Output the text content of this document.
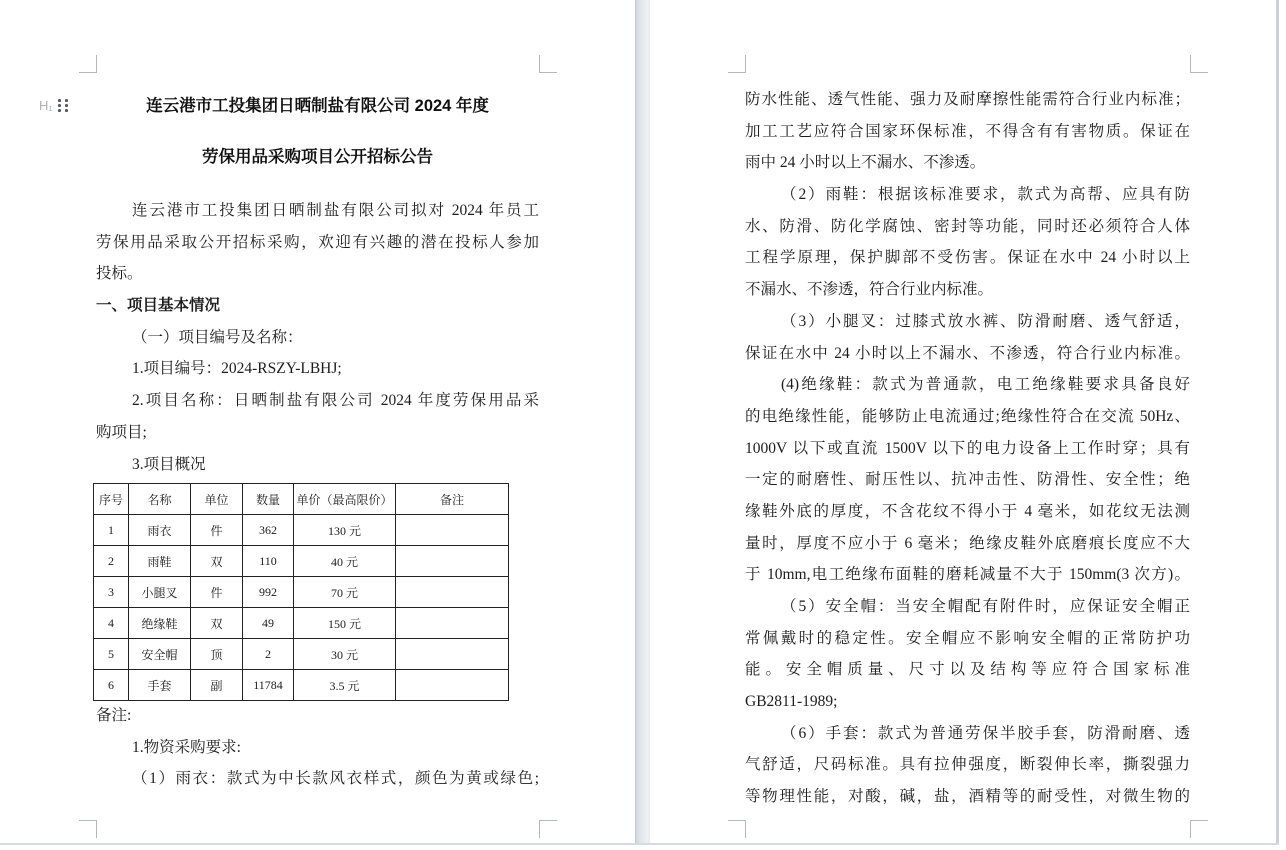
H₁	连云港市工投集团日晒制盐有限公司 2024 年度
劳保用品采购项目公开招标公告
连云港市工投集团日晒制盐有限公司拟对 2024 年员工
劳保用品采取公开招标采购，欢迎有兴趣的潜在投标人参加
投标。
一、项目基本情况
（一）项目编号及名称：
1.项目编号：2024-RSZY-LBHJ;
2.项目名称：日晒制盐有限公司 2024 年度劳保用品采
购项目;
3.项目概况
序号	名称	单位	数量	单价（最高限价）	备注
1	雨衣	件	362	130 元	
2	雨鞋	双	110	40 元	
3	小腿叉	件	992	70 元	
4	绝缘鞋	双	49	150 元	
5	安全帽	顶	2	30 元	
6	手套	副	11784	3.5 元	
备注:
1.物资采购要求:
（1）雨衣：款式为中长款风衣样式，颜色为黄或绿色;
防水性能、透气性能、强力及耐摩擦性能需符合行业内标准；
加工工艺应符合国家环保标准，不得含有有害物质。保证在
雨中 24 小时以上不漏水、不渗透。
（2）雨鞋：根据该标准要求，款式为高帮、应具有防
水、防滑、防化学腐蚀、密封等功能，同时还必须符合人体
工程学原理，保护脚部不受伤害。保证在水中 24 小时以上
不漏水、不渗透，符合行业内标准。
（3）小腿叉：过膝式放水裤、防滑耐磨、透气舒适，
保证在水中 24 小时以上不漏水、不渗透，符合行业内标准。
(4)绝缘鞋：款式为普通款，电工绝缘鞋要求具备良好
的电绝缘性能，能够防止电流通过;绝缘性符合在交流 50Hz、
1000V 以下或直流 1500V 以下的电力设备上工作时穿；具有
一定的耐磨性、耐压性以、抗冲击性、防滑性、安全性；绝
缘鞋外底的厚度，不含花纹不得小于 4 毫米，如花纹无法测
量时，厚度不应小于 6 毫米；绝缘皮鞋外底磨痕长度应不大
于 10mm,电工绝缘布面鞋的磨耗减量不大于 150mm(3 次方)。
（5）安全帽：当安全帽配有附件时，应保证安全帽正
常佩戴时的稳定性。安全帽应不影响安全帽的正常防护功
能。安全帽质量、尺寸以及结构等应符合国家标准
GB2811-1989;
（6）手套：款式为普通劳保半胶手套，防滑耐磨、透
气舒适，尺码标准。具有拉伸强度，断裂伸长率，撕裂强力
等物理性能，对酸，碱，盐，酒精等的耐受性，对微生物的
